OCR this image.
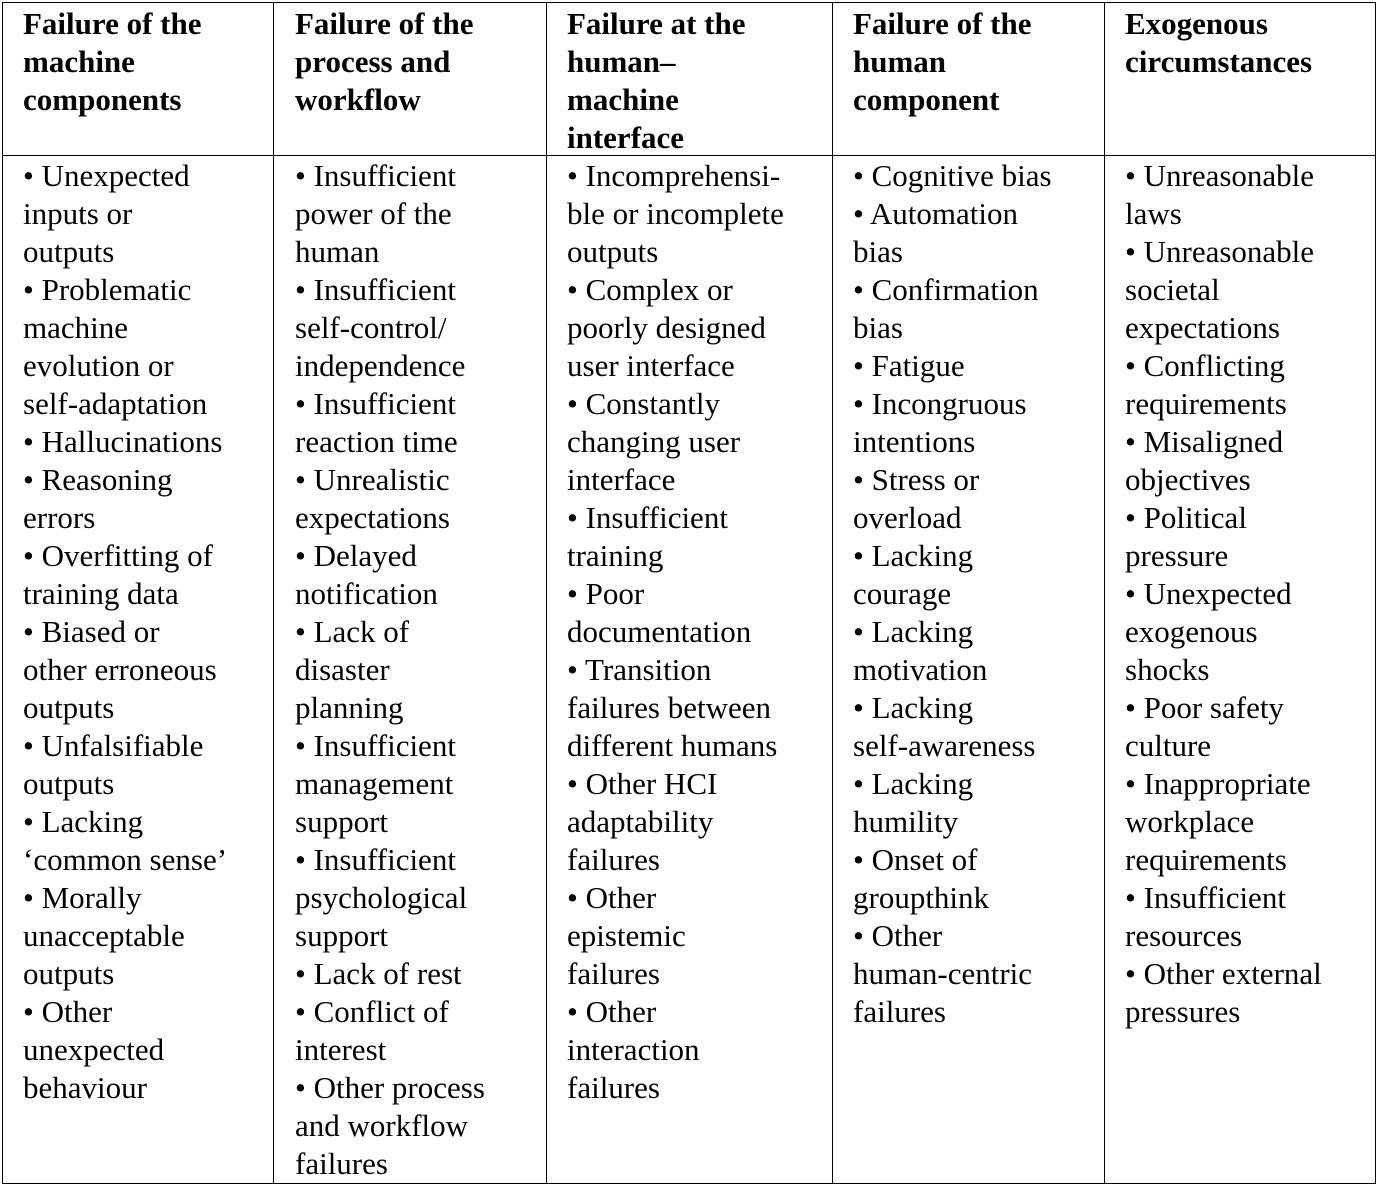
Failure of the
machine
components
Failure of the
process and
workflow
Failure at the
human–
machine
interface
Failure of the
human
component
Exogenous
circumstances
• Unexpected
inputs or
outputs
• Problematic
machine
evolution or
self-adaptation
• Hallucinations
• Reasoning
errors
• Overfitting of
training data
• Biased or
other erroneous
outputs
• Unfalsifiable
outputs
• Lacking
‘common sense’
• Morally
unacceptable
outputs
• Other
unexpected
behaviour
• Insufficient
power of the
human
• Insufficient
self-control/
independence
• Insufficient
reaction time
• Unrealistic
expectations
• Delayed
notification
• Lack of
disaster
planning
• Insufficient
management
support
• Insufficient
psychological
support
• Lack of rest
• Conflict of
interest
• Other process
and workflow
failures
• Incomprehensi-
ble or incomplete
outputs
• Complex or
poorly designed
user interface
• Constantly
changing user
interface
• Insufficient
training
• Poor
documentation
• Transition
failures between
different humans
• Other HCI
adaptability
failures
• Other
epistemic
failures
• Other
interaction
failures
• Cognitive bias
• Automation
bias
• Confirmation
bias
• Fatigue
• Incongruous
intentions
• Stress or
overload
• Lacking
courage
• Lacking
motivation
• Lacking
self-awareness
• Lacking
humility
• Onset of
groupthink
• Other
human-centric
failures
• Unreasonable
laws
• Unreasonable
societal
expectations
• Conflicting
requirements
• Misaligned
objectives
• Political
pressure
• Unexpected
exogenous
shocks
• Poor safety
culture
• Inappropriate
workplace
requirements
• Insufficient
resources
• Other external
pressures
